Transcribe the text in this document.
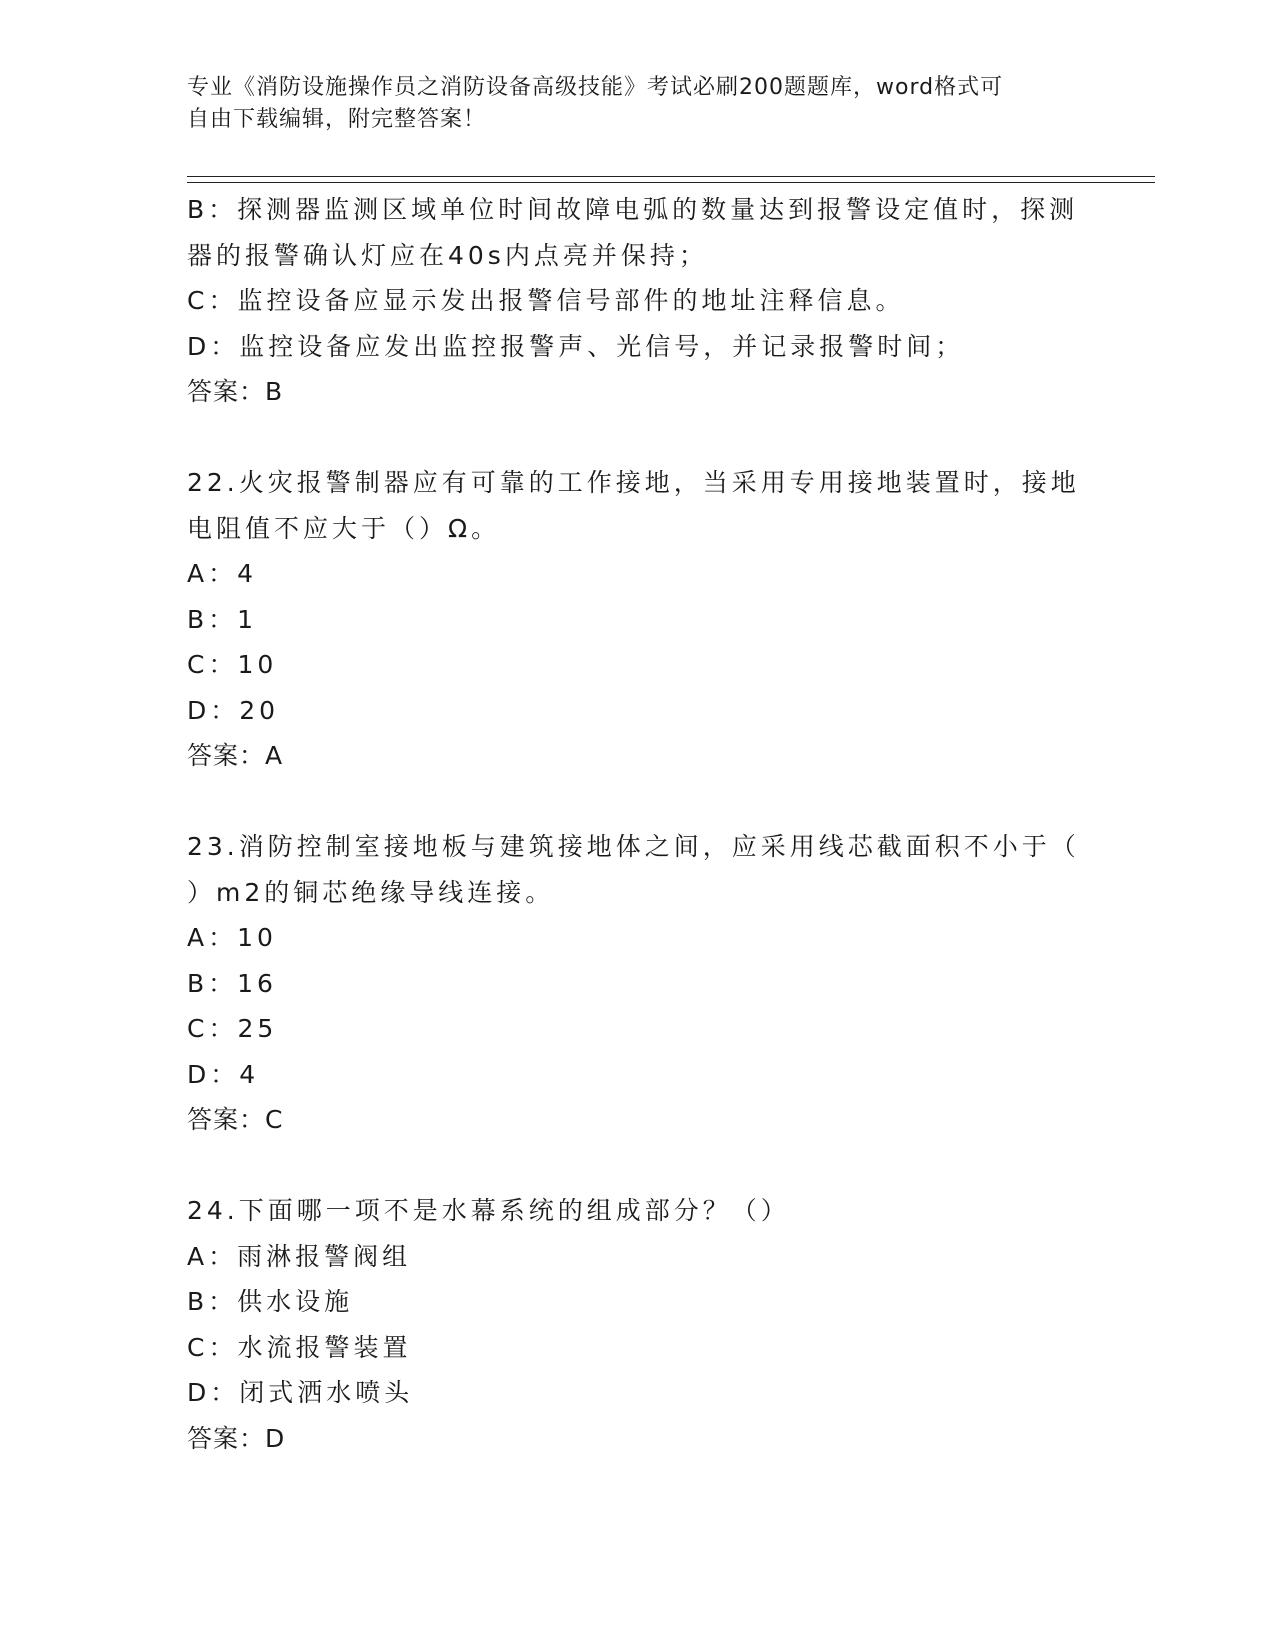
专业《消防设施操作员之消防设备高级技能》考试必刷200题题库，word格式可
自由下载编辑，附完整答案！
B：探测器监测区域单位时间故障电弧的数量达到报警设定值时，探测
器的报警确认灯应在40s内点亮并保持；
C：监控设备应显示发出报警信号部件的地址注释信息。
D：监控设备应发出监控报警声、光信号，并记录报警时间；
答案：B
22.火灾报警制器应有可靠的工作接地，当采用专用接地装置时，接地
电阻值不应大于（）Ω。
A：4
B：1
C：10
D：20
答案：A
23.消防控制室接地板与建筑接地体之间，应采用线芯截面积不小于（
）m2的铜芯绝缘导线连接。
A：10
B：16
C：25
D：4
答案：C
24.下面哪一项不是水幕系统的组成部分？（）
A：雨淋报警阀组
B：供水设施
C：水流报警装置
D：闭式洒水喷头
答案：D
